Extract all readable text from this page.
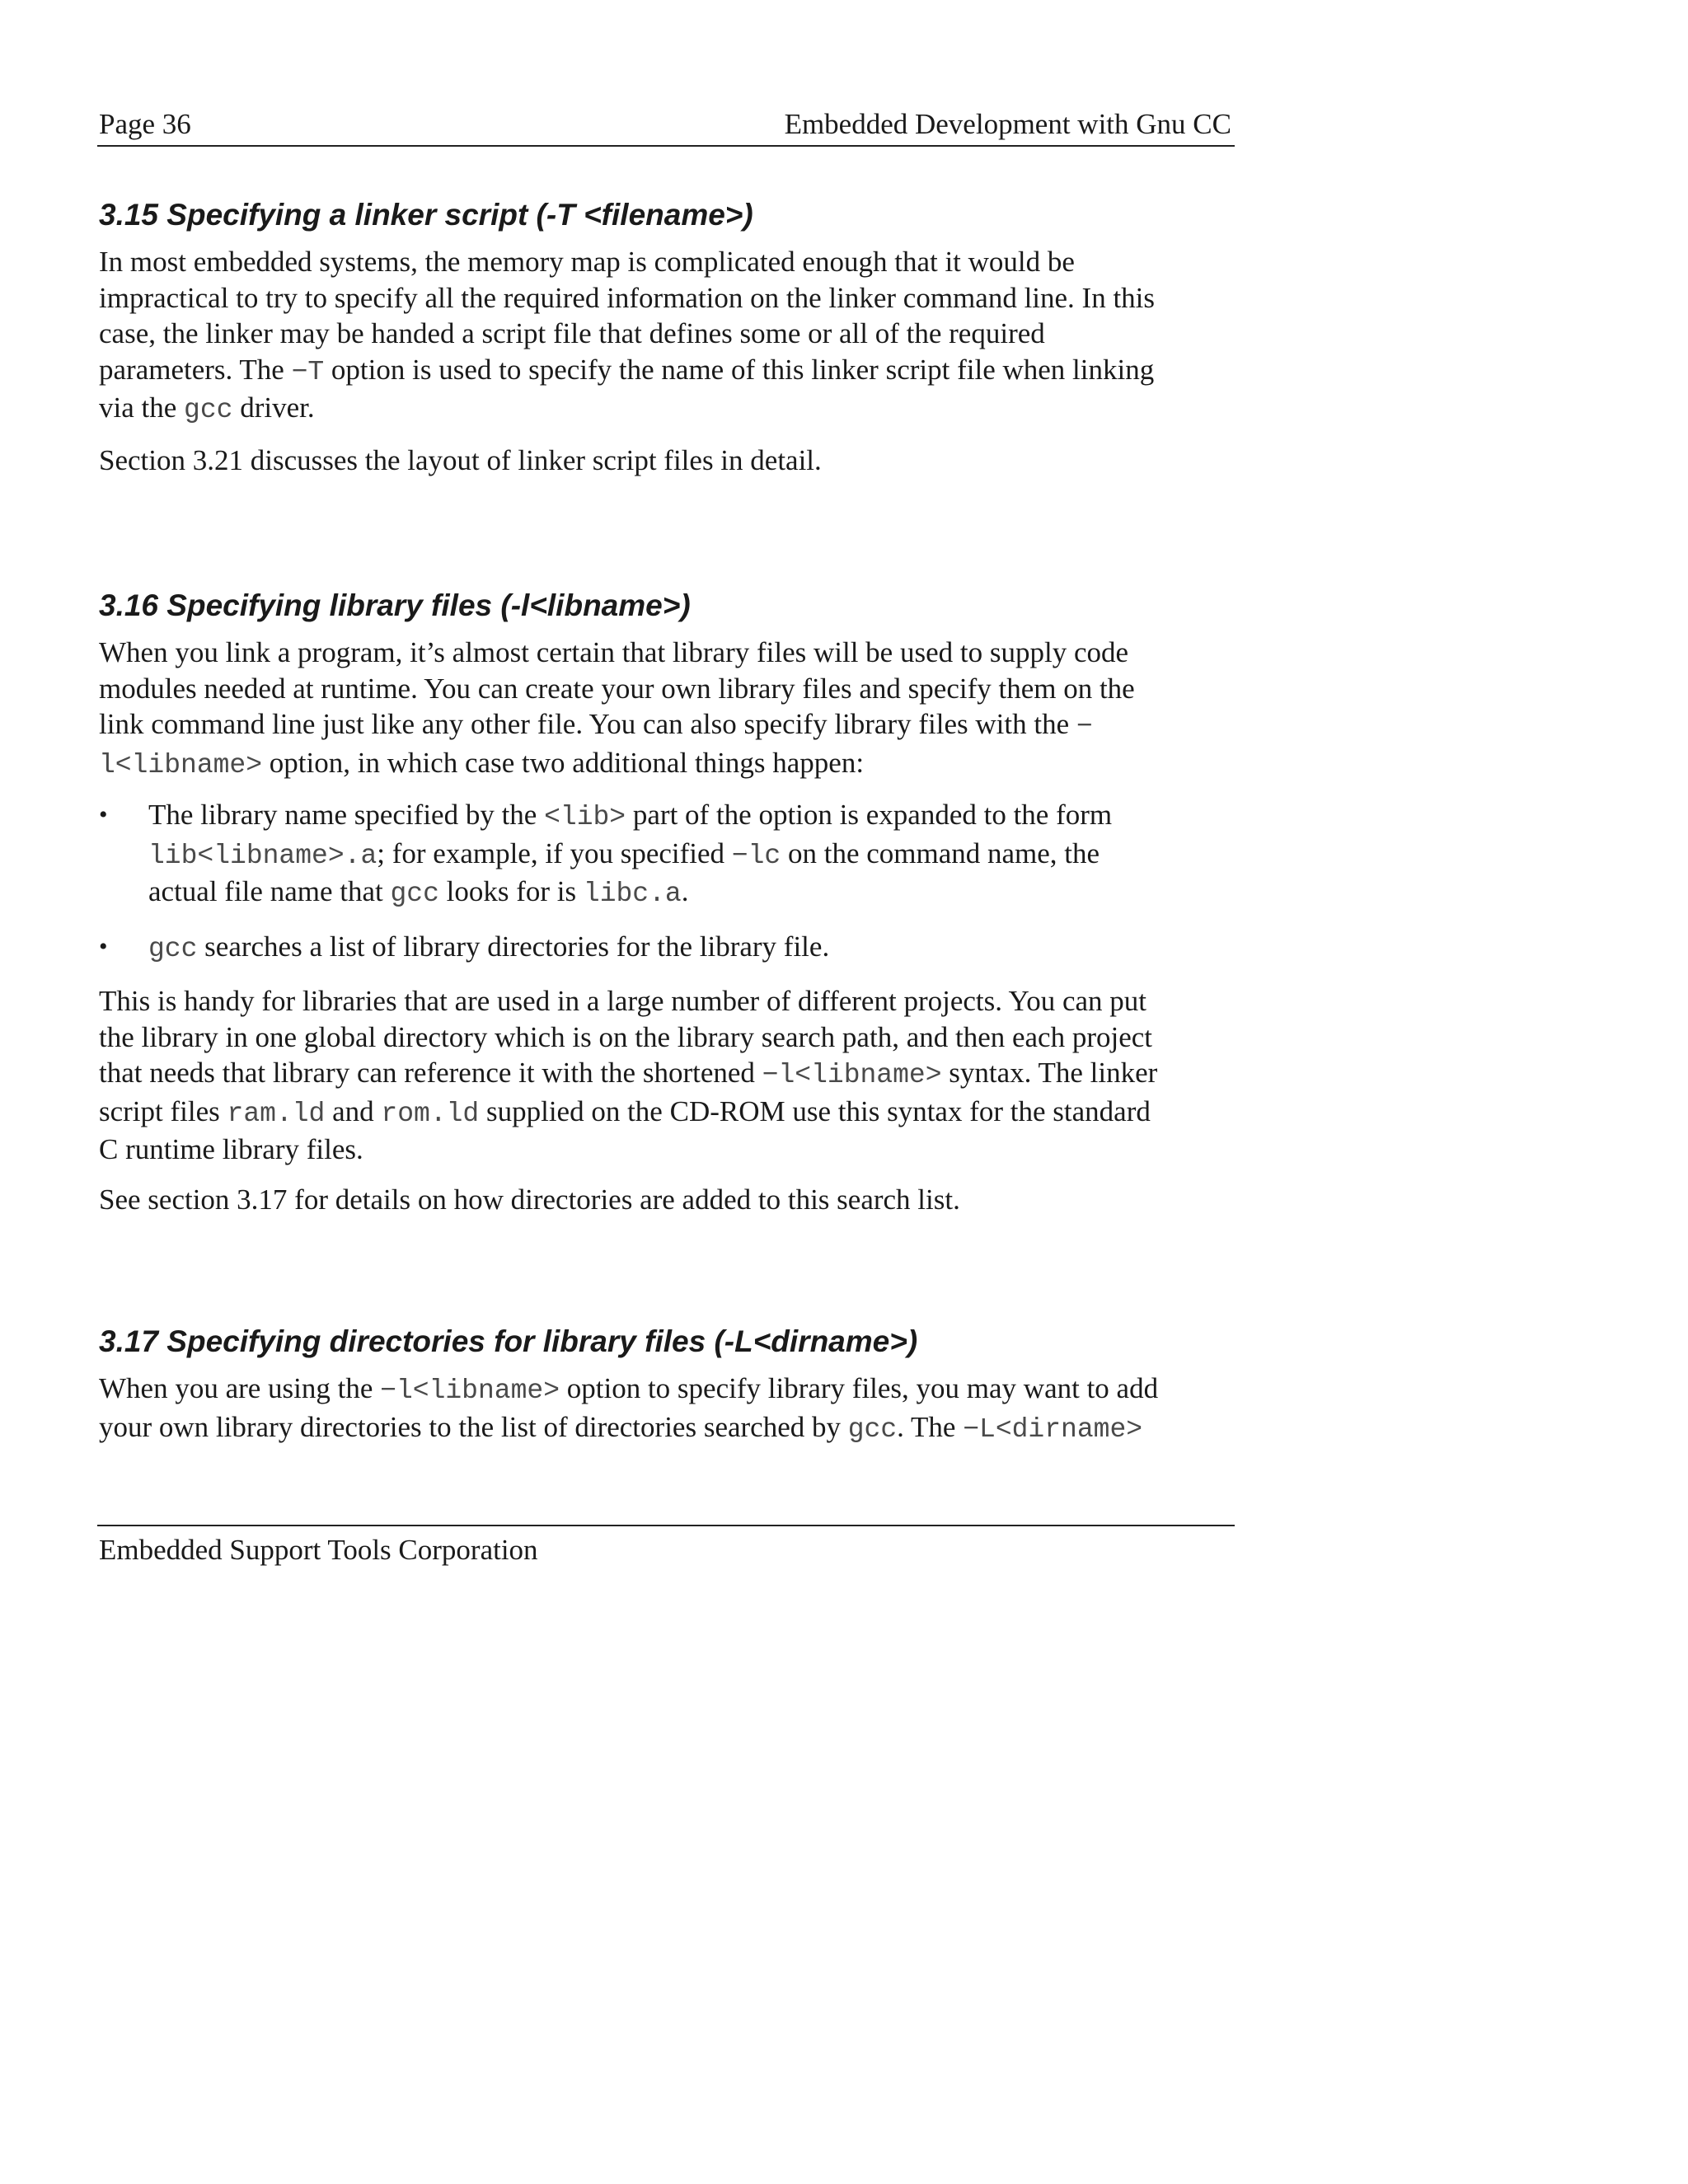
Page 36	Embedded Development with Gnu CC
3.15 Specifying a linker script (-T <filename>)
In most embedded systems, the memory map is complicated enough that it would be
impractical to try to specify all the required information on the linker command line. In this
case, the linker may be handed a script file that defines some or all of the required
parameters. The −T option is used to specify the name of this linker script file when linking
via the gcc driver.
Section 3.21 discusses the layout of linker script files in detail.
3.16 Specifying library files (-l<libname>)
When you link a program, it’s almost certain that library files will be used to supply code
modules needed at runtime. You can create your own library files and specify them on the
link command line just like any other file. You can also specify library files with the −
l<libname> option, in which case two additional things happen:
• The library name specified by the <lib> part of the option is expanded to the form
lib<libname>.a; for example, if you specified −lc on the command name, the
actual file name that gcc looks for is libc.a.
• gcc searches a list of library directories for the library file.
This is handy for libraries that are used in a large number of different projects. You can put
the library in one global directory which is on the library search path, and then each project
that needs that library can reference it with the shortened −l<libname> syntax. The linker
script files ram.ld and rom.ld supplied on the CD-ROM use this syntax for the standard
C runtime library files.
See section 3.17 for details on how directories are added to this search list.
3.17 Specifying directories for library files (-L<dirname>)
When you are using the −l<libname> option to specify library files, you may want to add
your own library directories to the list of directories searched by gcc. The −L<dirname>
Embedded Support Tools Corporation
